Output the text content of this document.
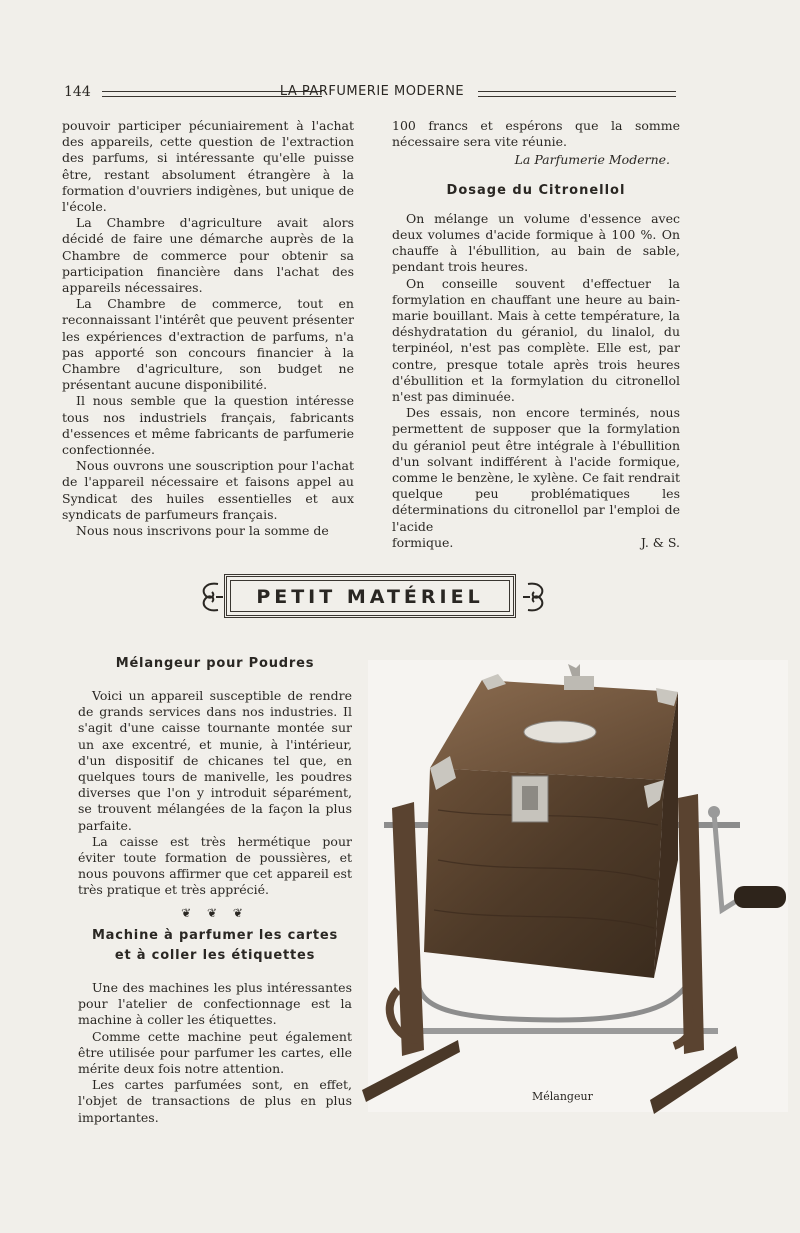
144	LA PARFUMERIE MODERNE

pouvoir participer pécuniairement à l'achat des appareils, cette question de l'extraction des parfums, si intéressante qu'elle puisse être, restant absolument étrangère à la formation d'ouvriers indigènes, but unique de l'école.

La Chambre d'agriculture avait alors décidé de faire une démarche auprès de la Chambre de commerce pour obtenir sa participation financière dans l'achat des appareils nécessaires.

La Chambre de commerce, tout en reconnaissant l'intérêt que peuvent présenter les expériences d'extraction de parfums, n'a pas apporté son concours financier à la Chambre d'agriculture, son budget ne présentant aucune disponibilité.

Il nous semble que la question intéresse tous nos industriels français, fabricants d'essences et même fabricants de parfumerie confectionnée.

Nous ouvrons une souscription pour l'achat de l'appareil nécessaire et faisons appel au Syndicat des huiles essentielles et aux syndicats de parfumeurs français.

Nous nous inscrivons pour la somme de

100 francs et espérons que la somme nécessaire sera vite réunie.

La Parfumerie Moderne.
Dosage du Citronellol

On mélange un volume d'essence avec deux volumes d'acide formique à 100 %. On chauffe à l'ébullition, au bain de sable, pendant trois heures.

On conseille souvent d'effectuer la formylation en chauffant une heure au bain-marie bouillant. Mais à cette température, la déshydratation du géraniol, du linalol, du terpinéol, n'est pas complète. Elle est, par contre, presque totale après trois heures d'ébullition et la formylation du citronellol n'est pas diminuée.

Des essais, non encore terminés, nous permettent de supposer que la formylation du géraniol peut être intégrale à l'ébullition d'un solvant indifférent à l'acide formique, comme le benzène, le xylène. Ce fait rendrait quelque peu problématiques les déterminations du citronellol par l'emploi de l'acide

formique.	J. & S.
PETIT MATÉRIEL
Mélangeur pour Poudres

Voici un appareil susceptible de rendre de grands services dans nos industries. Il s'agit d'une caisse tournante montée sur un axe excentré, et munie, à l'intérieur, d'un dispositif de chicanes tel que, en quelques tours de manivelle, les poudres diverses que l'on y introduit séparément, se trouvent mélangées de la façon la plus parfaite.

La caisse est très hermétique pour éviter toute formation de poussières, et nous pouvons affirmer que cet appareil est très pratique et très apprécié.

❦ ❦ ❦
Machine à parfumer les cartes
et à coller les étiquettes

Une des machines les plus intéressantes pour l'atelier de confectionnage est la machine à coller les étiquettes.

Comme cette machine peut également être utilisée pour parfumer les cartes, elle mérite deux fois notre attention.

Les cartes parfumées sont, en effet, l'objet de transactions de plus en plus importantes.

Mélangeur
